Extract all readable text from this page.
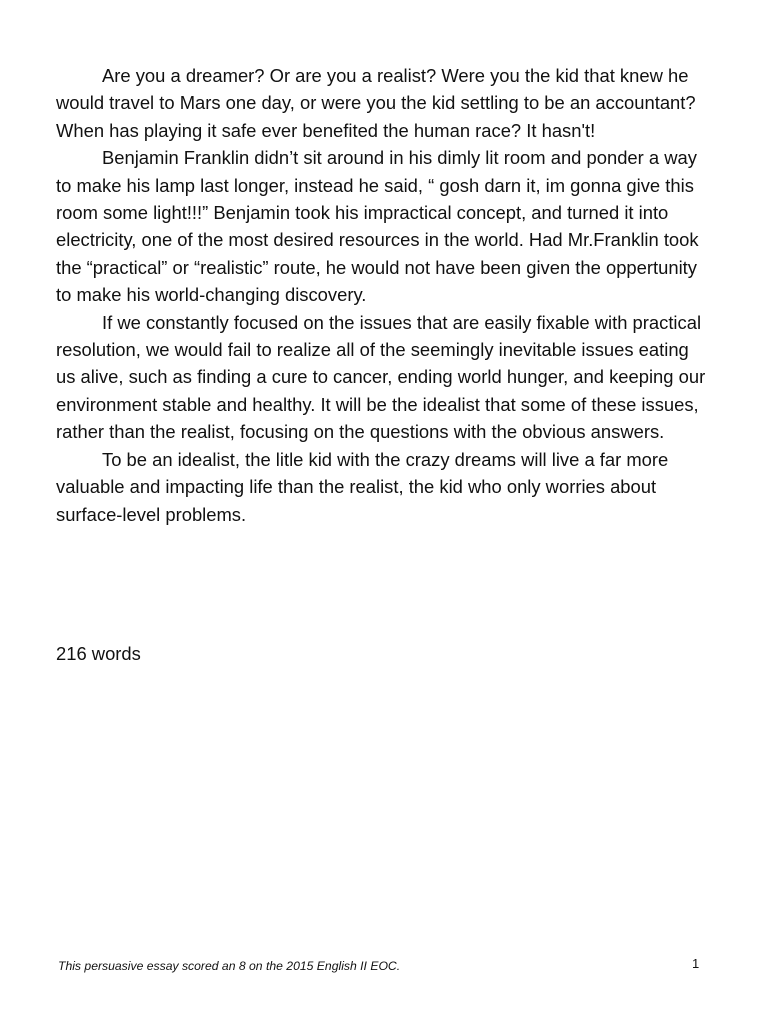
Are you a dreamer? Or are you a realist? Were you the kid that knew he would travel to Mars one day, or were you the kid settling to be an accountant? When has playing it safe ever benefited the human race? It hasn't!

Benjamin Franklin didn’t sit around in his dimly lit room and ponder a way to make his lamp last longer, instead he said, “ gosh darn it, im gonna give this room some light!!!” Benjamin took his impractical concept, and turned it into electricity, one of the most desired resources in the world. Had Mr.Franklin took the “practical” or “realistic” route, he would not have been given the oppertunity to make his world-changing discovery.

If we constantly focused on the issues that are easily fixable with practical resolution, we would fail to realize all of the seemingly inevitable issues eating us alive, such as finding a cure to cancer, ending world hunger, and keeping our environment stable and healthy. It will be the idealist that some of these issues, rather than the realist, focusing on the questions with the obvious answers.

To be an idealist, the litle kid with the crazy dreams will live a far more valuable and impacting life than the realist, the kid who only worries about surface-level problems.

216 words
This persuasive essay scored an 8 on the 2015 English II EOC.	1
